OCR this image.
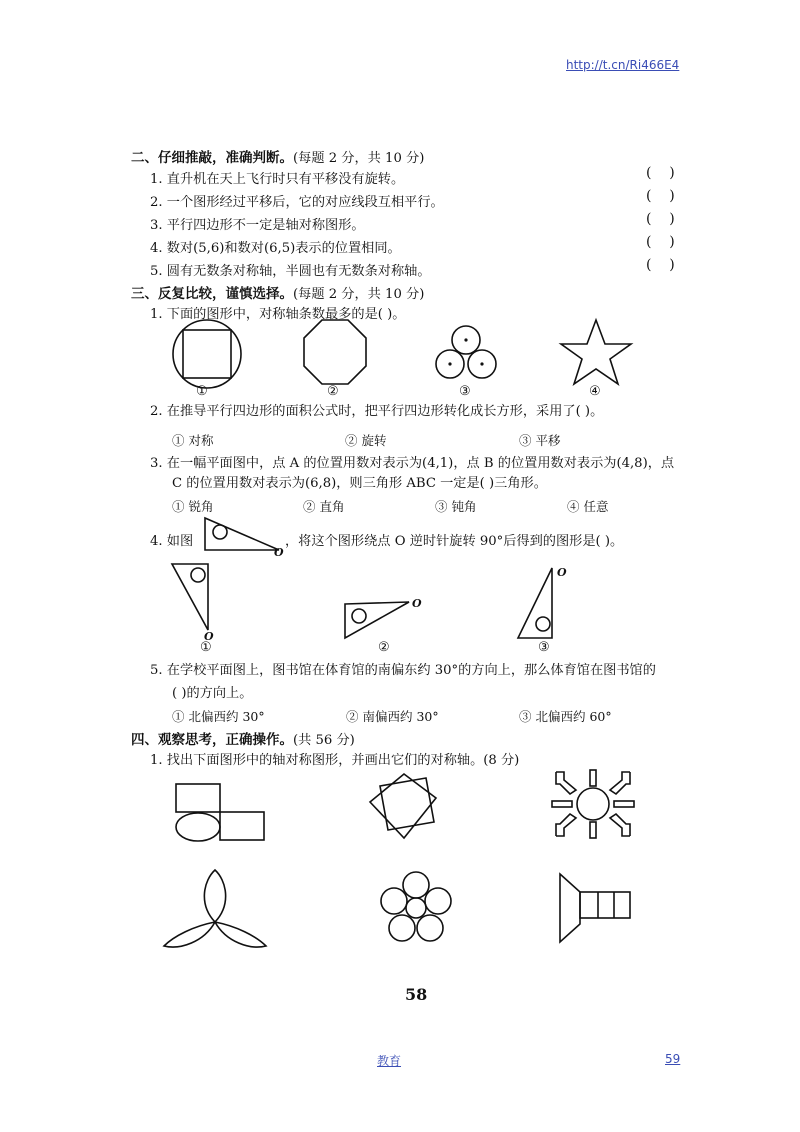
http://t.cn/Ri466E4
二、仔细推敲，准确判断。(每题 2 分，共 10 分)
1. 直升机在天上飞行时只有平移没有旋转。
2. 一个图形经过平移后，它的对应线段互相平行。
3. 平行四边形不一定是轴对称图形。
4. 数对(5,6)和数对(6,5)表示的位置相同。
5. 圆有无数条对称轴，半圆也有无数条对称轴。
(    )
(    )
(    )
(    )
(    )
三、反复比较，谨慎选择。(每题 2 分，共 10 分)
1. 下面的图形中，对称轴条数最多的是( )。
①	②	③	④
2. 在推导平行四边形的面积公式时，把平行四边形转化成长方形，采用了( )。
① 对称	② 旋转	③ 平移
3. 在一幅平面图中，点 A 的位置用数对表示为(4,1)，点 B 的位置用数对表示为(4,8)，点
C 的位置用数对表示为(6,8)，则三角形 ABC 一定是( )三角形。
① 锐角	② 直角	③ 钝角	④ 任意
4. 如图
O
，将这个图形绕点 O 逆时针旋转 90°后得到的图形是( )。
O
O
O
①	②	③
5. 在学校平面图上，图书馆在体育馆的南偏东约 30°的方向上，那么体育馆在图书馆的
( )的方向上。
① 北偏西约 30°	② 南偏西约 30°	③ 北偏西约 60°
四、观察思考，正确操作。(共 56 分)
1. 找出下面图形中的轴对称图形，并画出它们的对称轴。(8 分)
58
教育	59
